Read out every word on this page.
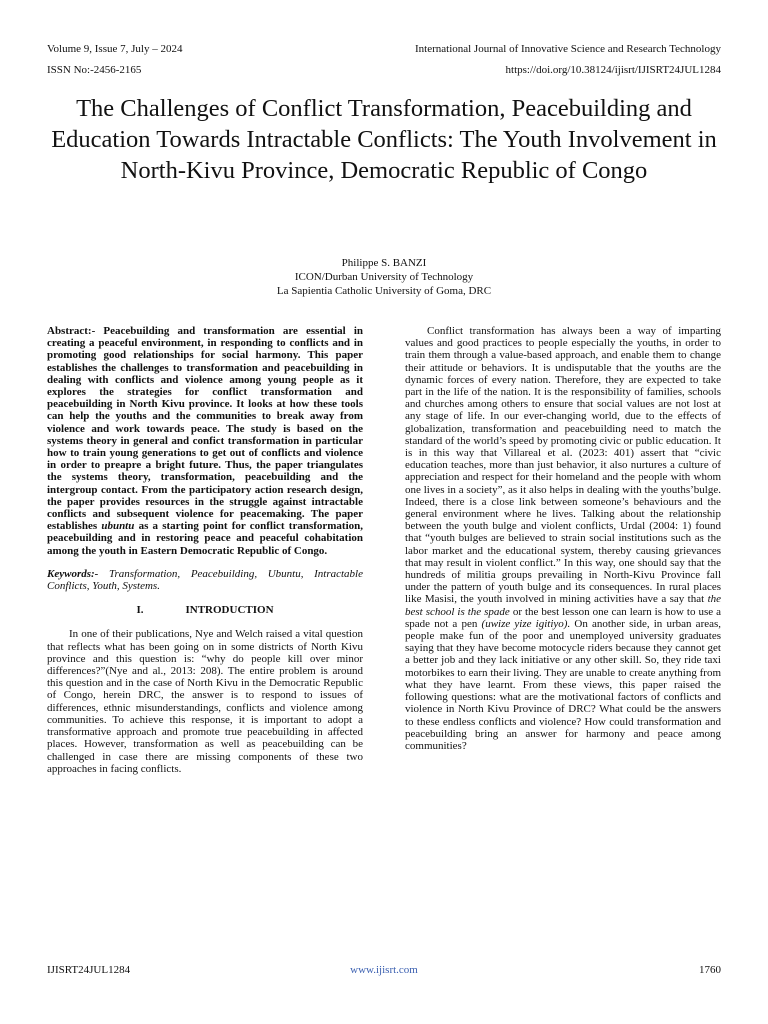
Volume 9, Issue 7, July – 2024	International Journal of Innovative Science and Research Technology
ISSN No:-2456-2165	https://doi.org/10.38124/ijisrt/IJISRT24JUL1284
The Challenges of Conflict Transformation, Peacebuilding and Education Towards Intractable Conflicts: The Youth Involvement in North-Kivu Province, Democratic Republic of Congo
Philippe S. BANZI
ICON/Durban University of Technology
La Sapientia Catholic University of Goma, DRC

Abstract:- Peacebuilding and transformation are essential in creating a peaceful environment, in responding to conflicts and in promoting good relationships for social harmony. This paper establishes the challenges to transformation and peacebuilding in dealing with conflicts and violence among young people as it explores the strategies for conflict transformation and peacebuilding in North Kivu province. It looks at how these tools can help the youths and the communities to break away from violence and work towards peace. The study is based on the systems theory in general and confict transformation in particular how to train young generations to get out of conflicts and violence in order to preapre a bright future. Thus, the paper triangulates the systems theory, transformation, peacebuilding and the intergroup contact. From the participatory action research design, the paper provides resources in the struggle against intractable conflicts and subsequent violence for peacemaking. The paper establishes ubuntu as a starting point for conflict transformation, peacebuilding and in restoring peace and peaceful cohabitation among the youth in Eastern Democratic Republic of Congo.

Keywords:- Transformation, Peacebuilding, Ubuntu, Intractable Conflicts, Youth, Systems.

I.	INTRODUCTION

In one of their publications, Nye and Welch raised a vital question that reflects what has been going on in some districts of North Kivu province and this question is: “why do people kill over minor differences?”(Nye and al., 2013: 208). The entire problem is around this question and in the case of North Kivu in the Democratic Republic of Congo, herein DRC, the answer is to respond to issues of differences, ethnic misunderstandings, conflicts and violence among communities. To achieve this response, it is important to adopt a transformative approach and promote true peacebuilding in affected places. However, transformation as well as peacebuilding can be challenged in case there are missing components of these two approaches in facing conflicts.

Conflict transformation has always been a way of imparting values and good practices to people especially the youths, in order to train them through a value-based approach, and enable them to change their attitude or behaviors. It is undisputable that the youths are the dynamic forces of every nation. Therefore, they are expected to take part in the life of the nation. It is the responsibility of families, schools and churches among others to ensure that social values are not lost at any stage of life. In our ever-changing world, due to the effects of globalization, transformation and peacebuilding need to match the standard of the world’s speed by promoting civic or public education. It is in this way that Villareal et al. (2023: 401) assert that “civic education teaches, more than just behavior, it also nurtures a culture of appreciation and respect for their homeland and the people with whom one lives in a society”, as it also helps in dealing with the youths’bulge. Indeed, there is a close link between someone’s behaviours and the general environment where he lives. Talking about the relationship between the youth bulge and violent conflicts, Urdal (2004: 1) found that “youth bulges are believed to strain social institutions such as the labor market and the educational system, thereby causing grievances that may result in violent conflict.” In this way, one should say that the hundreds of militia groups prevailing in North-Kivu Province fall under the pattern of youth bulge and its consequences. In rural places like Masisi, the youth involved in mining activities have a say that the best school is the spade or the best lesson one can learn is how to use a spade not a pen (uwize yize igitiyo). On another side, in urban areas, people make fun of the poor and unemployed university graduates saying that they have become motocycle riders because they cannot get a better job and they lack initiative or any other skill. So, they ride taxi motorbikes to earn their living. They are unable to create anything from what they have learnt. From these views, this paper raised the following questions: what are the motivational factors of conflicts and violence in North Kivu Province of DRC? What could be the answers to these endless conflicts and violence? How could transformation and peacebuilding bring an answer for harmony and peace among communities?

IJISRT24JUL1284	www.ijisrt.com	1760
